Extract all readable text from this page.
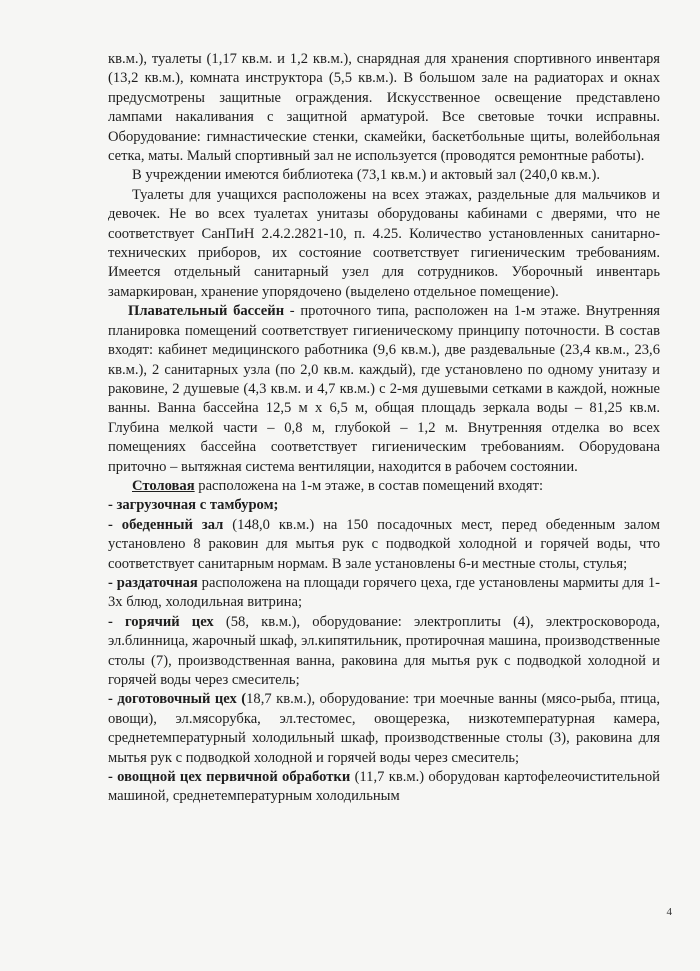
кв.м.), туалеты (1,17 кв.м. и 1,2 кв.м.), снарядная для хранения спортивного инвентаря (13,2 кв.м.), комната инструктора (5,5 кв.м.). В большом зале на радиаторах и окнах предусмотрены защитные ограждения. Искусственное освещение представлено лампами накаливания с защитной арматурой. Все световые точки исправны. Оборудование: гимнастические стенки, скамейки, баскетбольные щиты, волейбольная сетка, маты. Малый спортивный зал не используется (проводятся ремонтные работы).

В учреждении имеются библиотека (73,1 кв.м.) и актовый зал (240,0 кв.м.).

Туалеты для учащихся расположены на всех этажах, раздельные для мальчиков и девочек. Не во всех туалетах унитазы оборудованы кабинами с дверями, что не соответствует СанПиН 2.4.2.2821-10, п. 4.25. Количество установленных санитарно-технических приборов, их состояние соответствует гигиеническим требованиям. Имеется отдельный санитарный узел для сотрудников. Уборочный инвентарь замаркирован, хранение упорядочено (выделено отдельное помещение).

Плавательный бассейн - проточного типа, расположен на 1-м этаже. Внутренняя планировка помещений соответствует гигиеническому принципу поточности. В состав входят: кабинет медицинского работника (9,6 кв.м.), две раздевальные (23,4 кв.м., 23,6 кв.м.), 2 санитарных узла (по 2,0 кв.м. каждый), где установлено по одному унитазу и раковине, 2 душевые (4,3 кв.м. и 4,7 кв.м.) с 2-мя душевыми сетками в каждой, ножные ванны. Ванна бассейна 12,5 м х 6,5 м, общая площадь зеркала воды – 81,25 кв.м. Глубина мелкой части – 0,8 м, глубокой – 1,2 м. Внутренняя отделка во всех помещениях бассейна соответствует гигиеническим требованиям. Оборудована приточно – вытяжная система вентиляции, находится в рабочем состоянии.

Столовая расположена на 1-м этаже, в состав помещений входят:

- загрузочная с тамбуром;

- обеденный зал (148,0 кв.м.) на 150 посадочных мест, перед обеденным залом установлено 8 раковин для мытья рук с подводкой холодной и горячей воды, что соответствует санитарным нормам. В зале установлены 6-и местные столы, стулья;

- раздаточная расположена на площади горячего цеха, где установлены мармиты для 1-3х блюд, холодильная витрина;

- горячий цех (58, кв.м.), оборудование: электроплиты (4), электросковорода, эл.блинница, жарочный шкаф, эл.кипятильник, протирочная машина, производственные столы (7), производственная ванна, раковина для мытья рук с подводкой холодной и горячей воды через смеситель;

- доготовочный цех (18,7 кв.м.), оборудование: три моечные ванны (мясо-рыба, птица, овощи), эл.мясорубка, эл.тестомес, овощерезка, низкотемпературная камера, среднетемпературный холодильный шкаф, производственные столы (3), раковина для мытья рук с подводкой холодной и горячей воды через смеситель;

- овощной цех первичной обработки (11,7 кв.м.) оборудован картофелеочистительной машиной, среднетемпературным холодильным

4
